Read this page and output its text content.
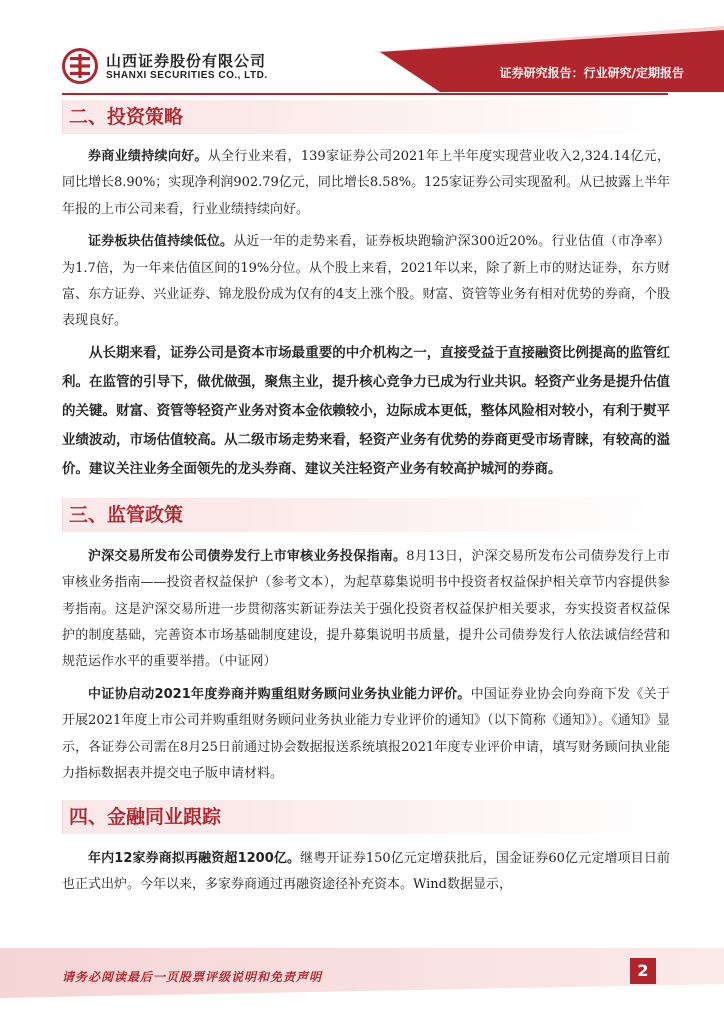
山西证券股份有限公司
SHANXI SECURITIES CO., LTD.	证券研究报告：行业研究/定期报告
二、投资策略

券商业绩持续向好。从全行业来看，139家证券公司2021年上半年度实现营业收入2,324.14亿元，同比增长8.90%；实现净利润902.79亿元，同比增长8.58%。125家证券公司实现盈利。从已披露上半年年报的上市公司来看，行业业绩持续向好。

证券板块估值持续低位。从近一年的走势来看，证券板块跑输沪深300近20%。行业估值（市净率）为1.7倍，为一年来估值区间的19%分位。从个股上来看，2021年以来，除了新上市的财达证券，东方财富、东方证券、兴业证券、锦龙股份成为仅有的4支上涨个股。财富、资管等业务有相对优势的券商，个股表现良好。

从长期来看，证券公司是资本市场最重要的中介机构之一，直接受益于直接融资比例提高的监管红利。在监管的引导下，做优做强，聚焦主业，提升核心竞争力已成为行业共识。轻资产业务是提升估值的关键。财富、资管等轻资产业务对资本金依赖较小，边际成本更低，整体风险相对较小，有利于熨平业绩波动，市场估值较高。从二级市场走势来看，轻资产业务有优势的券商更受市场青睐，有较高的溢价。建议关注业务全面领先的龙头券商、建议关注轻资产业务有较高护城河的券商。

三、监管政策

沪深交易所发布公司债券发行上市审核业务投保指南。8月13日，沪深交易所发布公司债券发行上市审核业务指南——投资者权益保护（参考文本），为起草募集说明书中投资者权益保护相关章节内容提供参考指南。这是沪深交易所进一步贯彻落实新证券法关于强化投资者权益保护相关要求，夯实投资者权益保护的制度基础，完善资本市场基础制度建设，提升募集说明书质量，提升公司债券发行人依法诚信经营和规范运作水平的重要举措。（中证网）

中证协启动2021年度券商并购重组财务顾问业务执业能力评价。中国证券业协会向券商下发《关于开展2021年度上市公司并购重组财务顾问业务执业能力专业评价的通知》（以下简称《通知》）。《通知》显示，各证券公司需在8月25日前通过协会数据报送系统填报2021年度专业评价申请，填写财务顾问执业能力指标数据表并提交电子版申请材料。

四、金融同业跟踪

年内12家券商拟再融资超1200亿。继粤开证券150亿元定增获批后，国金证券60亿元定增项目日前也正式出炉。今年以来，多家券商通过再融资途径补充资本。Wind数据显示，

请务必阅读最后一页股票评级说明和免责声明	2
